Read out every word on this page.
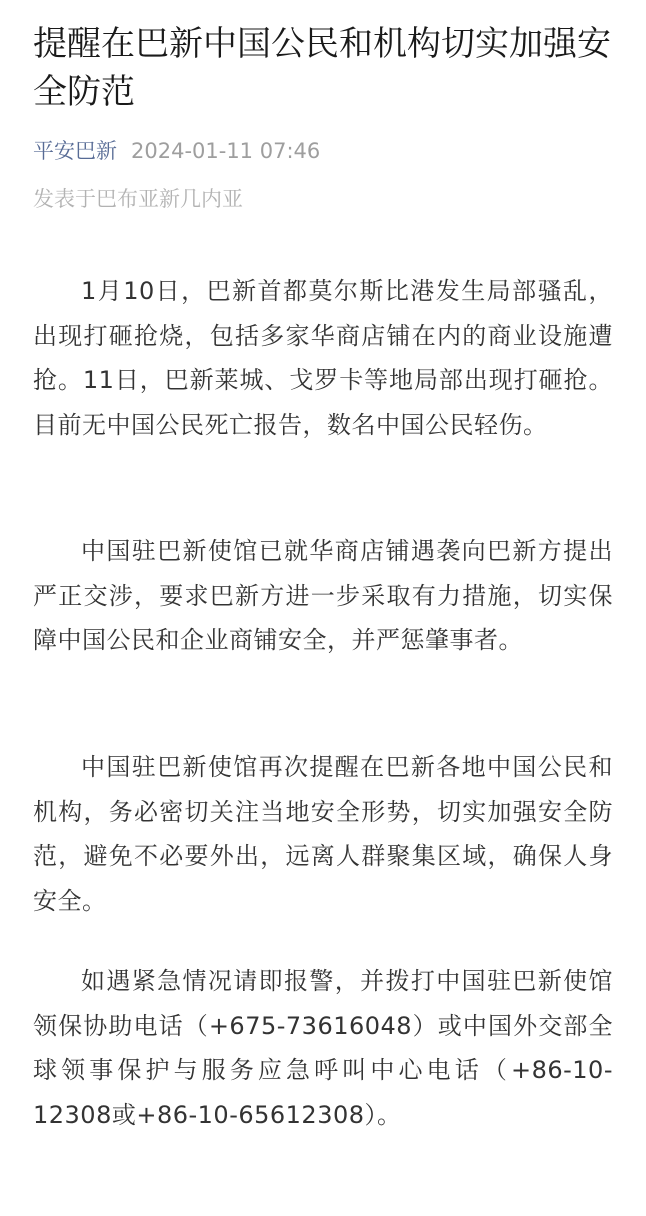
提醒在巴新中国公民和机构切实加强安全防范
平安巴新 2024-01-11 07:46
发表于巴布亚新几内亚

1月10日，巴新首都莫尔斯比港发生局部骚乱，出现打砸抢烧，包括多家华商店铺在内的商业设施遭抢。11日，巴新莱城、戈罗卡等地局部出现打砸抢。目前无中国公民死亡报告，数名中国公民轻伤。

中国驻巴新使馆已就华商店铺遇袭向巴新方提出严正交涉，要求巴新方进一步采取有力措施，切实保障中国公民和企业商铺安全，并严惩肇事者。

中国驻巴新使馆再次提醒在巴新各地中国公民和机构，务必密切关注当地安全形势，切实加强安全防范，避免不必要外出，远离人群聚集区域，确保人身安全。

如遇紧急情况请即报警，并拨打中国驻巴新使馆领保协助电话（+675-73616048）或中国外交部全球领事保护与服务应急呼叫中心电话（+86-10-12308或+86-10-65612308）。
